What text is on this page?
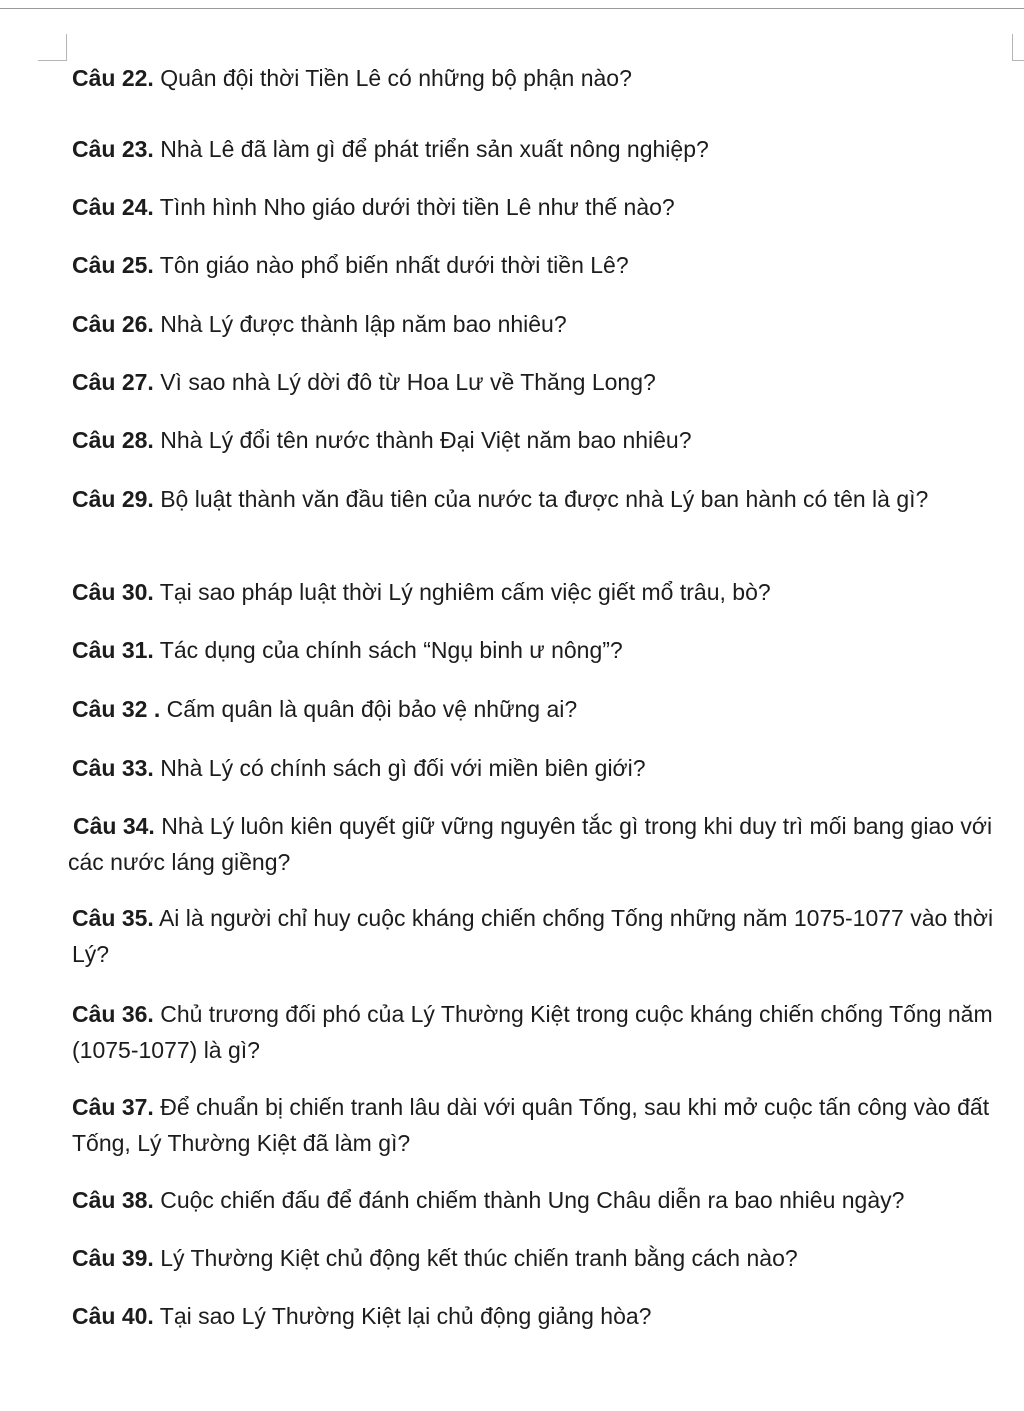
Câu 22. Quân đội thời Tiền Lê có những bộ phận nào?

Câu 23. Nhà Lê đã làm gì để phát triển sản xuất nông nghiệp?

Câu 24. Tình hình Nho giáo dưới thời tiền Lê như thế nào?

Câu 25. Tôn giáo nào phổ biến nhất dưới thời tiền Lê?

Câu 26. Nhà Lý được thành lập năm bao nhiêu?

Câu 27. Vì sao nhà Lý dời đô từ Hoa Lư về Thăng Long?

Câu 28. Nhà Lý đổi tên nước thành Đại Việt năm bao nhiêu?

Câu 29. Bộ luật thành văn đầu tiên của nước ta được nhà Lý ban hành có tên là gì?

Câu 30. Tại sao pháp luật thời Lý nghiêm cấm việc giết mổ trâu, bò?

Câu 31. Tác dụng của chính sách “Ngụ binh ư nông”?

Câu 32 . Cấm quân là quân đội bảo vệ những ai?

Câu 33. Nhà Lý có chính sách gì đối với miền biên giới?

Câu 34. Nhà Lý luôn kiên quyết giữ vững nguyên tắc gì trong khi duy trì mối bang giao với các nước láng giềng?

Câu 35. Ai là người chỉ huy cuộc kháng chiến chống Tống những năm 1075-1077 vào thời Lý?

Câu 36. Chủ trương đối phó của Lý Thường Kiệt trong cuộc kháng chiến chống Tống năm (1075-1077) là gì?

Câu 37. Để chuẩn bị chiến tranh lâu dài với quân Tống, sau khi mở cuộc tấn công vào đất Tống, Lý Thường Kiệt đã làm gì?

Câu 38. Cuộc chiến đấu để đánh chiếm thành Ung Châu diễn ra bao nhiêu ngày?

Câu 39. Lý Thường Kiệt chủ động kết thúc chiến tranh bằng cách nào?

Câu 40. Tại sao Lý Thường Kiệt lại chủ động giảng hòa?
